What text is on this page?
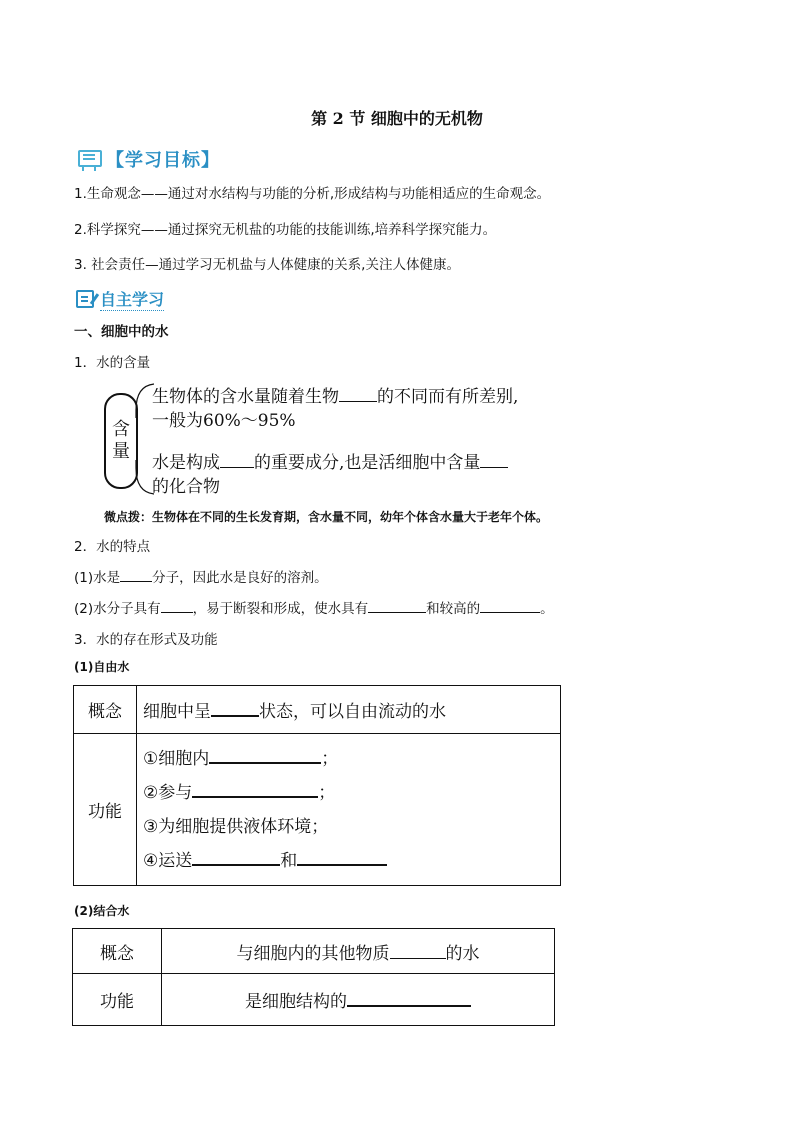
第 2 节 细胞中的无机物
【学习目标】
1.生命观念——通过对水结构与功能的分析,形成结构与功能相适应的生命观念。
2.科学探究——通过探究无机盐的功能的技能训练,培养科学探究能力。
3. 社会责任—通过学习无机盐与人体健康的关系,关注人体健康。
自主学习
一、细胞中的水
1．水的含量
含
量
生物体的含水量随着生物 的不同而有所差别,
一般为60%～95%
水是构成 的重要成分,也是活细胞中含量
的化合物
微点拨：生物体在不同的生长发育期，含水量不同，幼年个体含水量大于老年个体。
2．水的特点
(1)水是 分子，因此水是良好的溶剂。
(2)水分子具有 ，易于断裂和形成，使水具有	和较高的	。
3．水的存在形式及功能
(1)自由水
概念	细胞中呈 状态，可以自由流动的水
功能	①细胞内 ；
②参与 ；
③为细胞提供液体环境；
④运送 和
(2)结合水
概念	与细胞内的其他物质 的水
功能	是细胞结构的
